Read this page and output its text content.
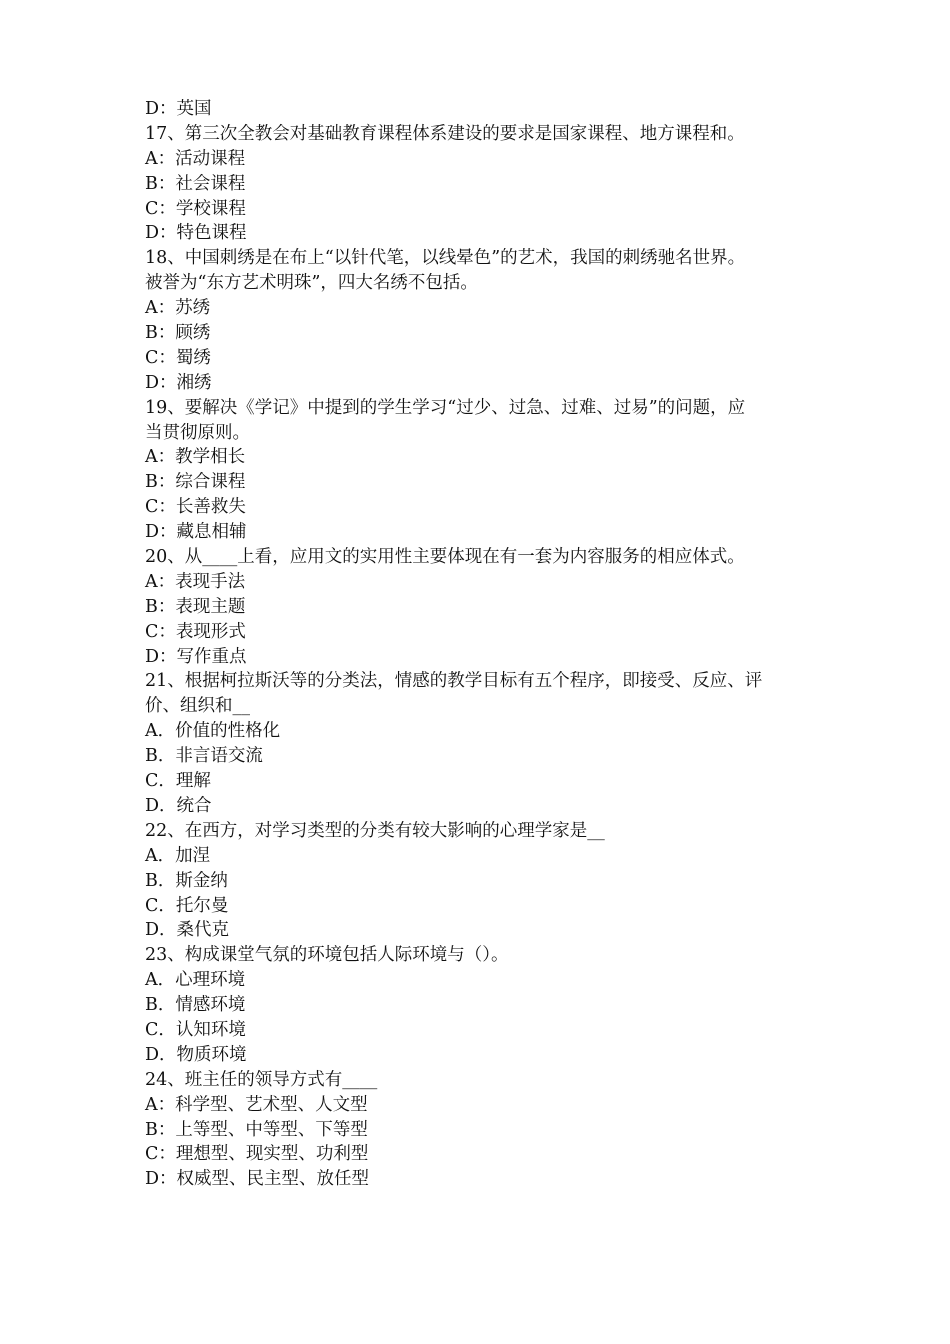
D：英国
17、第三次全教会对基础教育课程体系建设的要求是国家课程、地方课程和。
A：活动课程
B：社会课程
C：学校课程
D：特色课程
18、中国刺绣是在布上“以针代笔，以线晕色”的艺术，我国的刺绣驰名世界。
被誉为“东方艺术明珠”，四大名绣不包括。
A：苏绣
B：顾绣
C：蜀绣
D：湘绣
19、要解决《学记》中提到的学生学习“过少、过急、过难、过易”的问题，应
当贯彻原则。
A：教学相长
B：综合课程
C：长善救失
D：藏息相辅
20、从____上看，应用文的实用性主要体现在有一套为内容服务的相应体式。
A：表现手法
B：表现主题
C：表现形式
D：写作重点
21、根据柯拉斯沃等的分类法，情感的教学目标有五个程序，即接受、反应、评
价、组织和__
A．价值的性格化
B．非言语交流
C．理解
D．统合
22、在西方，对学习类型的分类有较大影响的心理学家是__
A．加涅
B．斯金纳
C．托尔曼
D．桑代克
23、构成课堂气氛的环境包括人际环境与（）。
A．心理环境
B．情感环境
C．认知环境
D．物质环境
24、班主任的领导方式有____
A：科学型、艺术型、人文型
B：上等型、中等型、下等型
C：理想型、现实型、功利型
D：权威型、民主型、放任型
